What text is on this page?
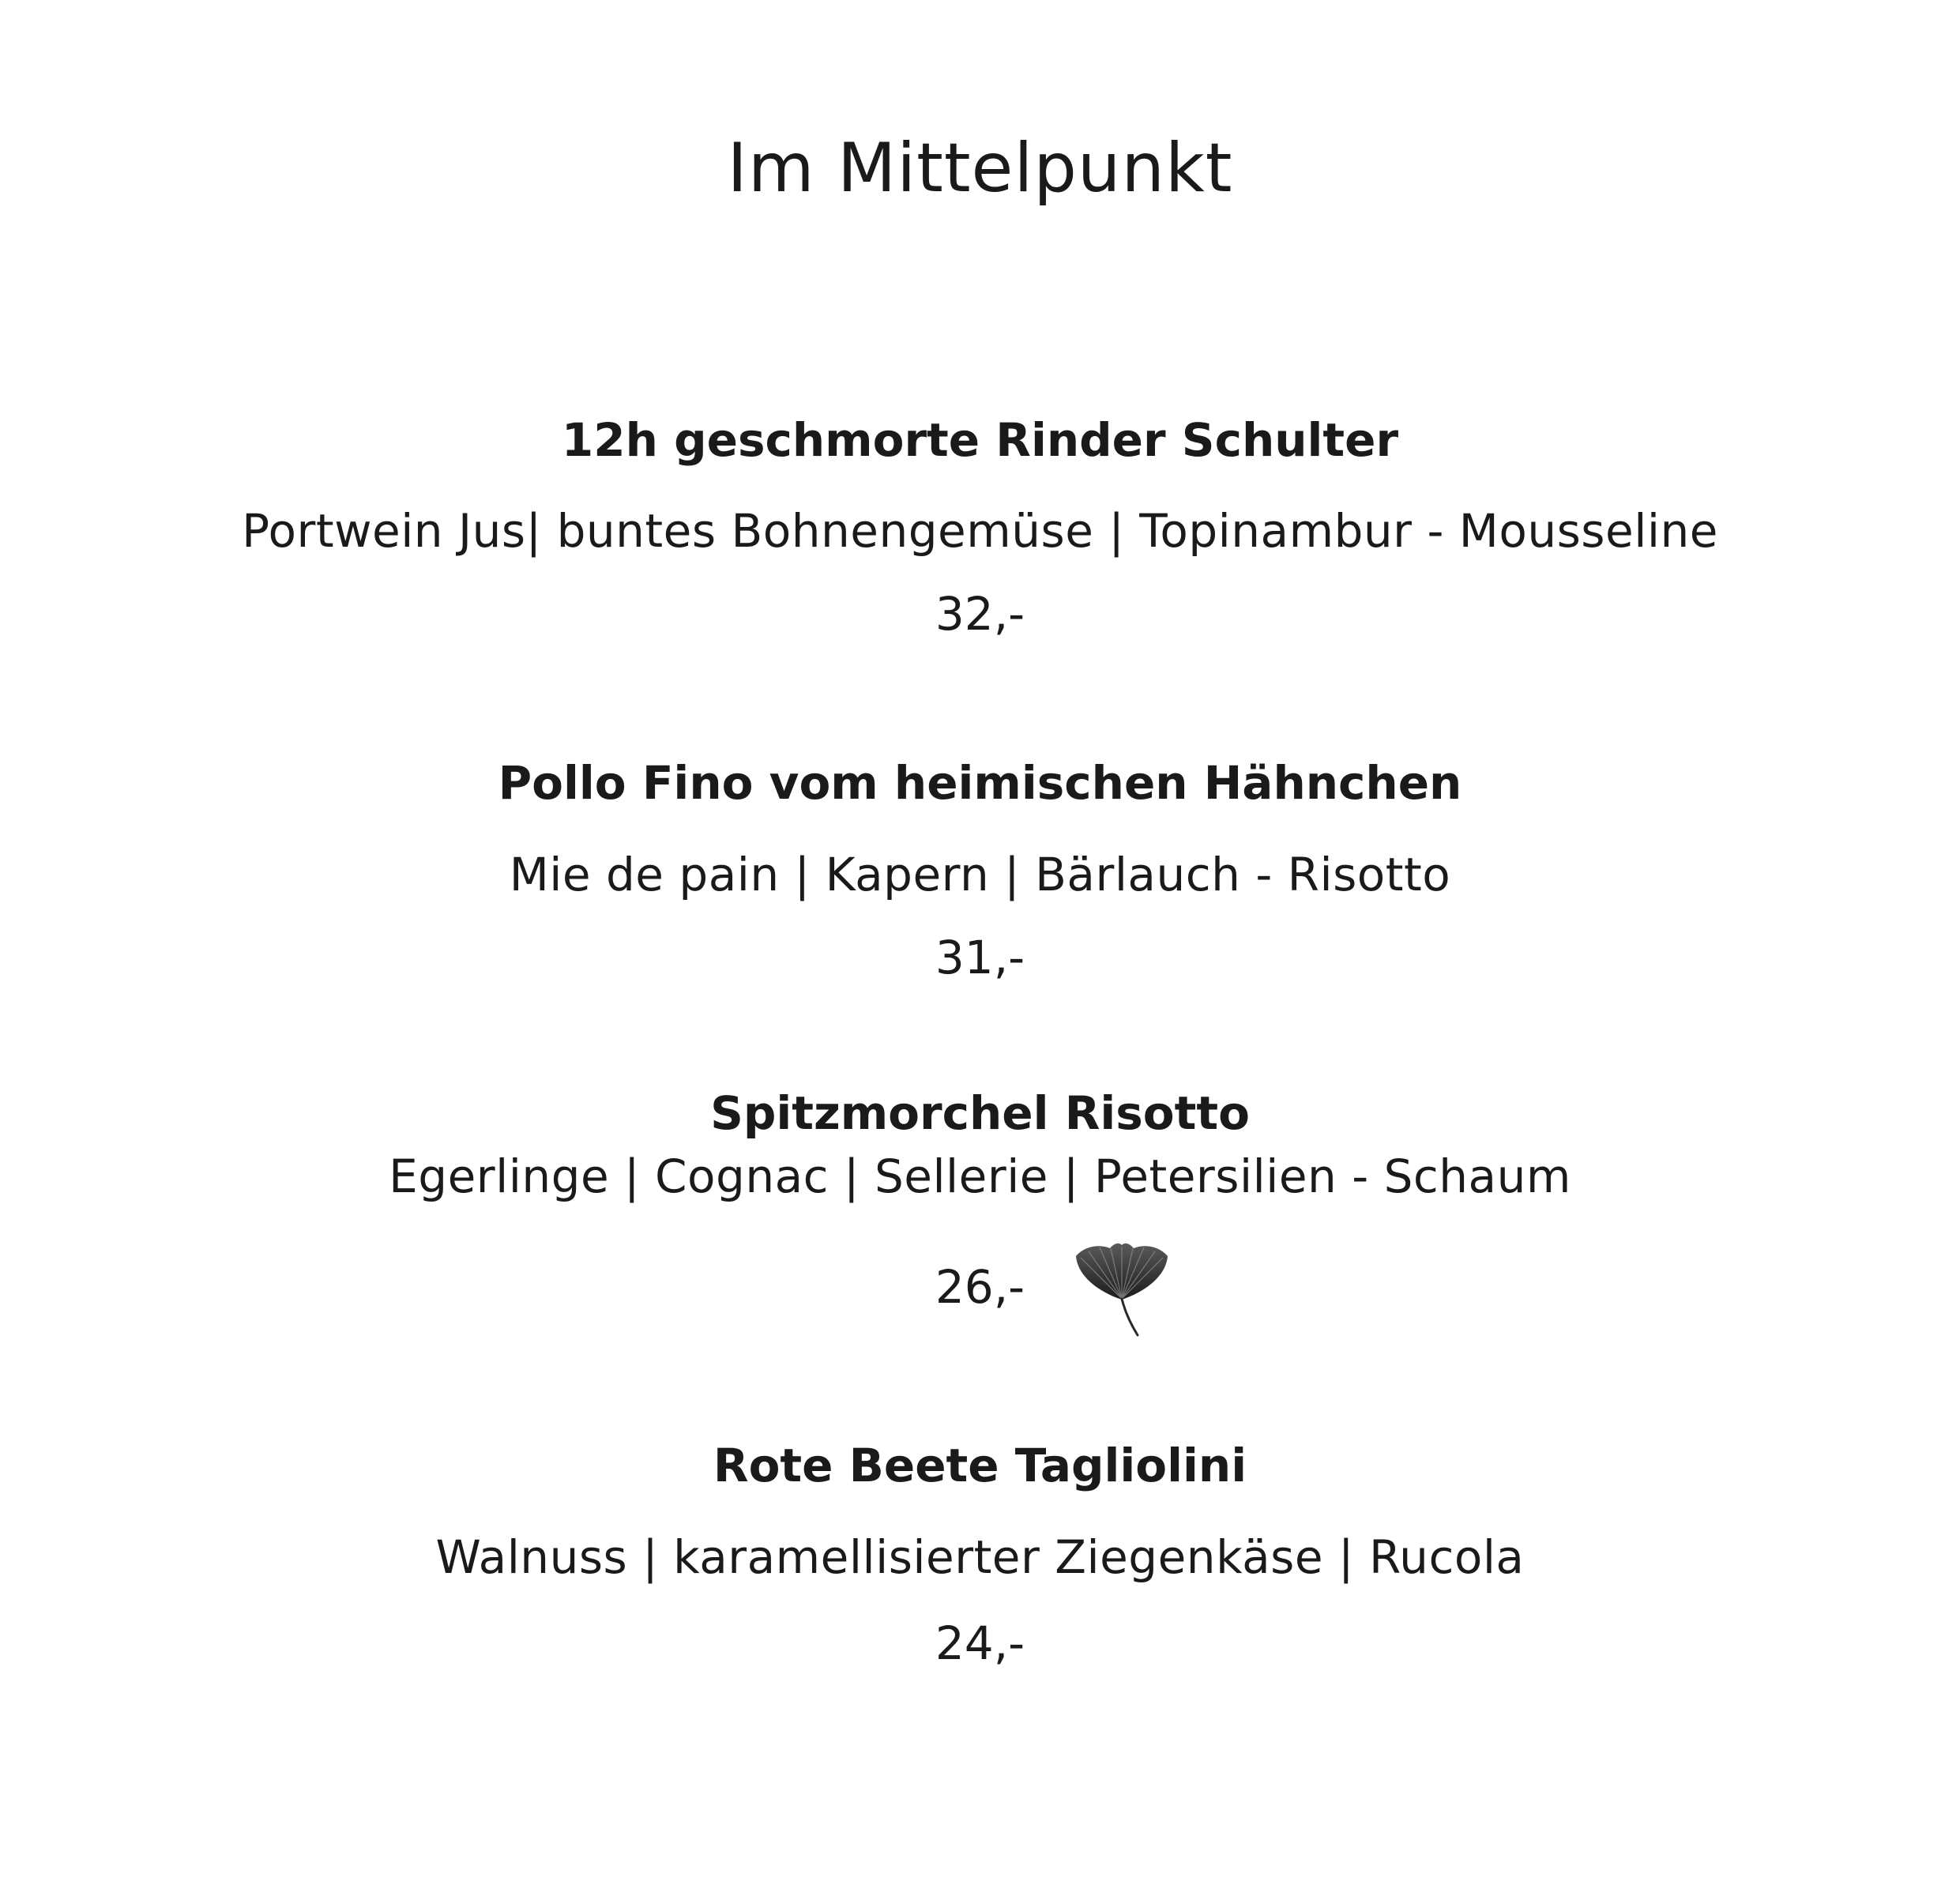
Im Mittelpunkt
12h geschmorte Rinder Schulter
Portwein Jus| buntes Bohnengemüse | Topinambur - Mousseline
32,-
Pollo Fino vom heimischen Hähnchen
Mie de pain | Kapern | Bärlauch - Risotto
31,-
Spitzmorchel Risotto
Egerlinge | Cognac | Sellerie | Petersilien - Schaum
26,-
Rote Beete Tagliolini
Walnuss | karamellisierter Ziegenkäse | Rucola
24,-
